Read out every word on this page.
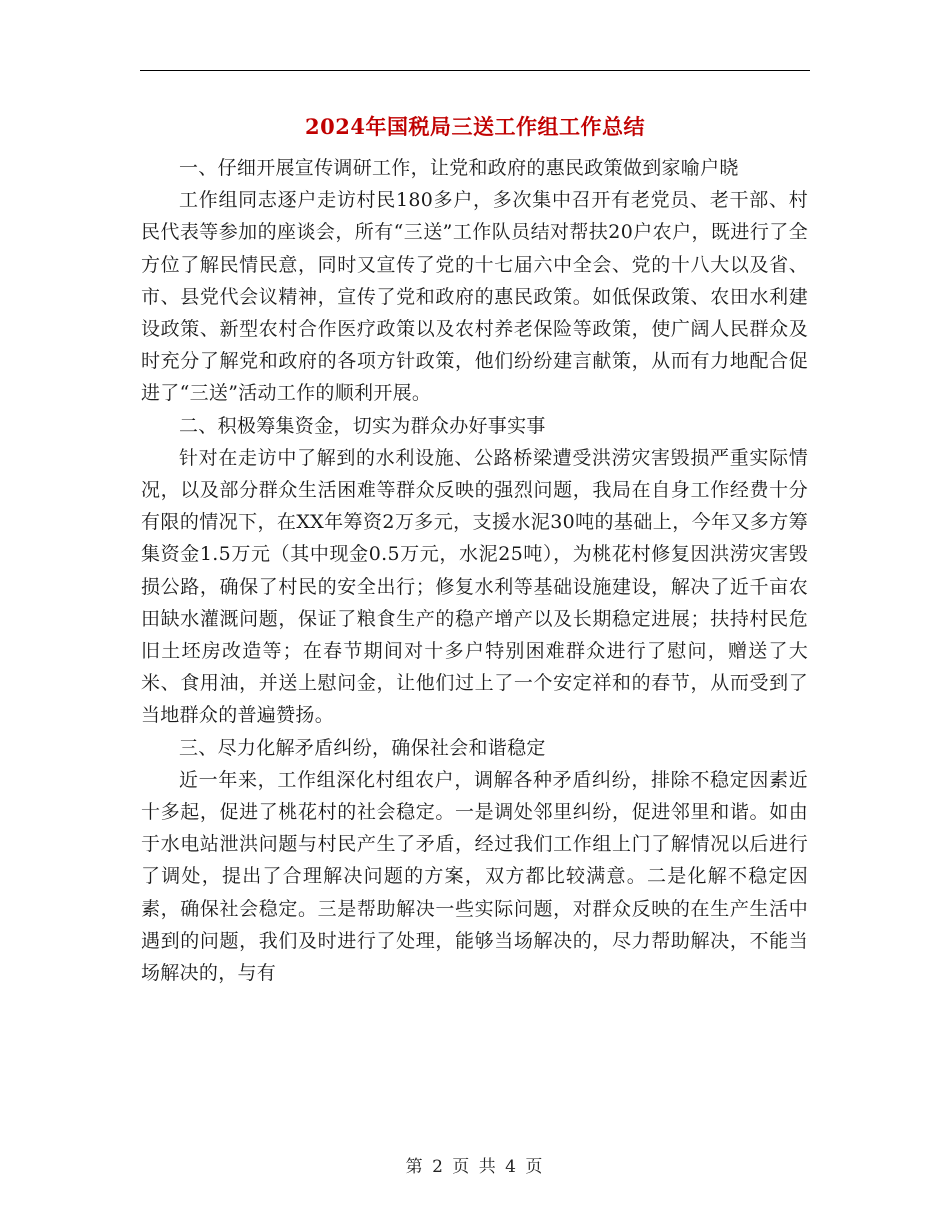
2024年国税局三送工作组工作总结

一、仔细开展宣传调研工作，让党和政府的惠民政策做到家喻户晓

工作组同志逐户走访村民180多户，多次集中召开有老党员、老干部、村民代表等参加的座谈会，所有“三送”工作队员结对帮扶20户农户，既进行了全方位了解民情民意，同时又宣传了党的十七届六中全会、党的十八大以及省、市、县党代会议精神，宣传了党和政府的惠民政策。如低保政策、农田水利建设政策、新型农村合作医疗政策以及农村养老保险等政策，使广阔人民群众及时充分了解党和政府的各项方针政策，他们纷纷建言献策，从而有力地配合促进了“三送”活动工作的顺利开展。

二、积极筹集资金，切实为群众办好事实事

针对在走访中了解到的水利设施、公路桥梁遭受洪涝灾害毁损严重实际情况，以及部分群众生活困难等群众反映的强烈问题，我局在自身工作经费十分有限的情况下，在XX年筹资2万多元，支援水泥30吨的基础上，今年又多方筹集资金1.5万元（其中现金0.5万元，水泥25吨），为桃花村修复因洪涝灾害毁损公路，确保了村民的安全出行；修复水利等基础设施建设，解决了近千亩农田缺水灌溉问题，保证了粮食生产的稳产增产以及长期稳定进展；扶持村民危旧土坯房改造等；在春节期间对十多户特别困难群众进行了慰问，赠送了大米、食用油，并送上慰问金，让他们过上了一个安定祥和的春节，从而受到了当地群众的普遍赞扬。

三、尽力化解矛盾纠纷，确保社会和谐稳定

近一年来，工作组深化村组农户，调解各种矛盾纠纷，排除不稳定因素近十多起，促进了桃花村的社会稳定。一是调处邻里纠纷，促进邻里和谐。如由于水电站泄洪问题与村民产生了矛盾，经过我们工作组上门了解情况以后进行了调处，提出了合理解决问题的方案，双方都比较满意。二是化解不稳定因素，确保社会稳定。三是帮助解决一些实际问题，对群众反映的在生产生活中遇到的问题，我们及时进行了处理，能够当场解决的，尽力帮助解决，不能当场解决的，与有

第 2 页 共 4 页
